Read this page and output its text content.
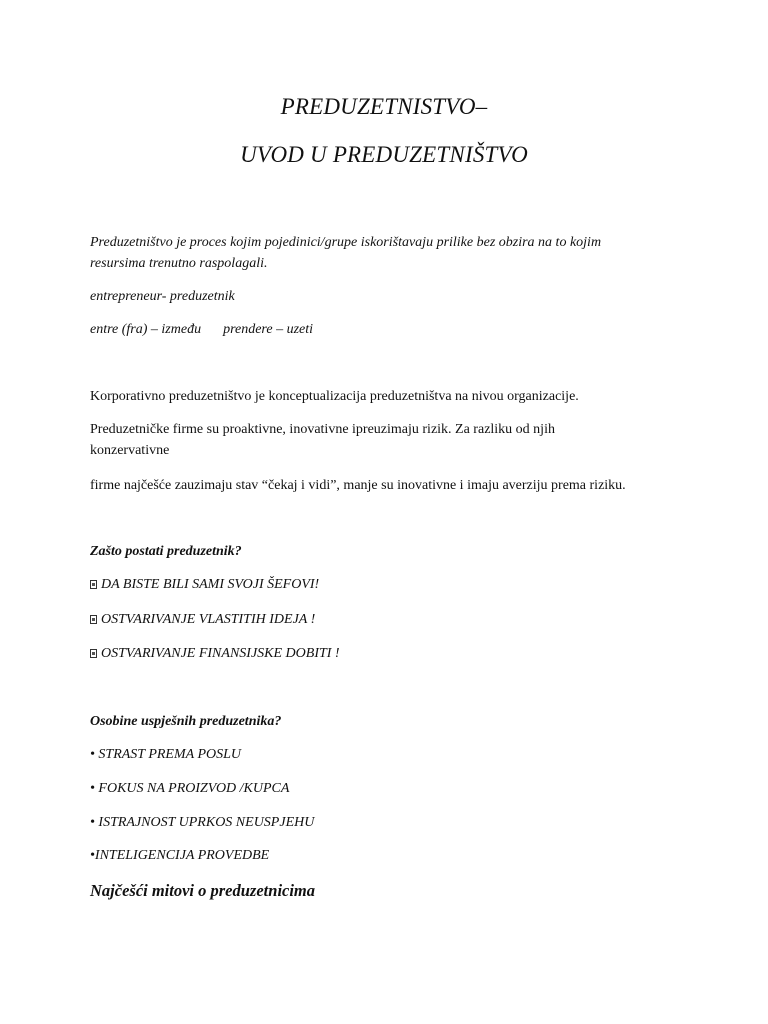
PREDUZETNISTVO–
UVOD U PREDUZETNIŠTVO
Preduzetništvo je proces kojim pojedinici/grupe iskorištavaju prilike bez obzira na to kojim
resursima trenutno raspolagali.
entrepreneur- preduzetnik
entre (fra) – između prendere – uzeti
Korporativno preduzetništvo je konceptualizacija preduzetništva na nivou organizacije.
Preduzetničke firme su proaktivne, inovativne ipreuzimaju rizik. Za razliku od njih
konzervativne
firme najčešće zauzimaju stav “čekaj i vidi”, manje su inovativne i imaju averziju prema riziku.
Zašto postati preduzetnik?
DA BISTE BILI SAMI SVOJI ŠEFOVI!
OSTVARIVANJE VLASTITIH IDEJA !
OSTVARIVANJE FINANSIJSKE DOBITI !
Osobine uspješnih preduzetnika?
• STRAST PREMA POSLU
• FOKUS NA PROIZVOD /KUPCA
• ISTRAJNOST UPRKOS NEUSPJEHU
•INTELIGENCIJA PROVEDBE
Najčešći mitovi o preduzetnicima
